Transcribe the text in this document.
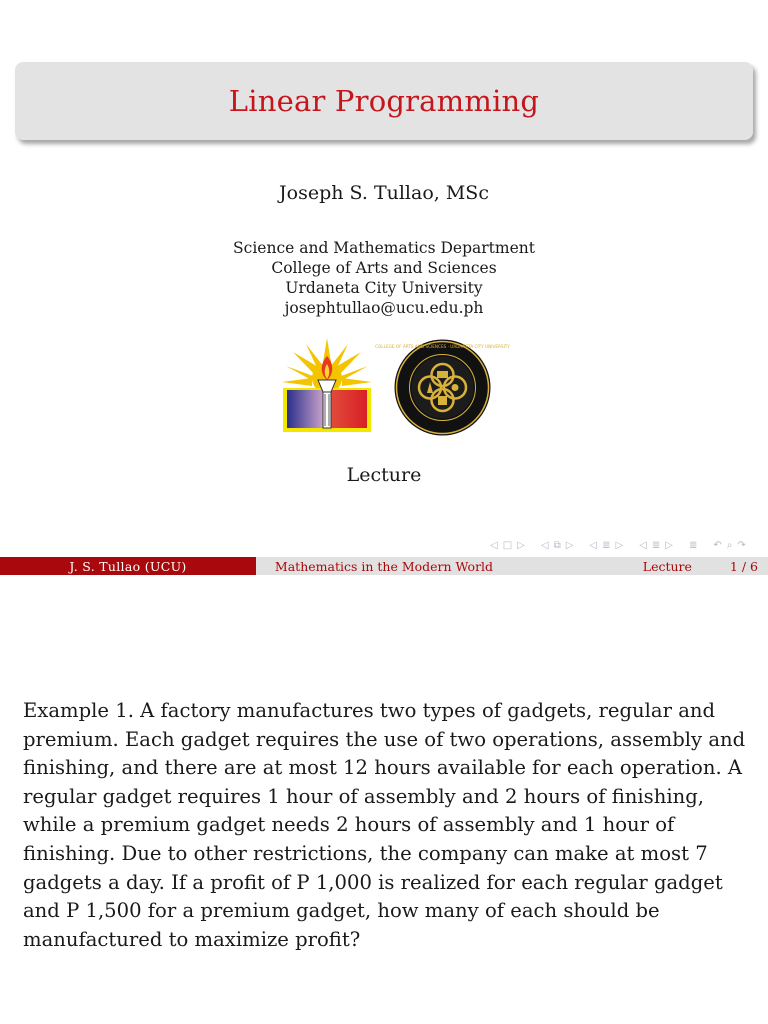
Linear Programming
Joseph S. Tullao, MSc
Science and Mathematics Department
College of Arts and Sciences
Urdaneta City University
josephtullao@ucu.edu.ph
COLLEGE OF ARTS AND SCIENCES · URDANETA CITY UNIVERSITY
Lecture
◁ □ ▷ ◁ ⧉ ▷ ◁ ≣ ▷ ◁ ≣ ▷ ≣ ↶ ⌕ ↷
J. S. Tullao (UCU)	Mathematics in the Modern World	Lecture	1 / 6
Example 1. A factory manufactures two types of gadgets, regular and premium. Each gadget requires the use of two operations, assembly and finishing, and there are at most 12 hours available for each operation. A regular gadget requires 1 hour of assembly and 2 hours of finishing, while a premium gadget needs 2 hours of assembly and 1 hour of finishing. Due to other restrictions, the company can make at most 7 gadgets a day. If a profit of P 1,000 is realized for each regular gadget and P 1,500 for a premium gadget, how many of each should be manufactured to maximize profit?
